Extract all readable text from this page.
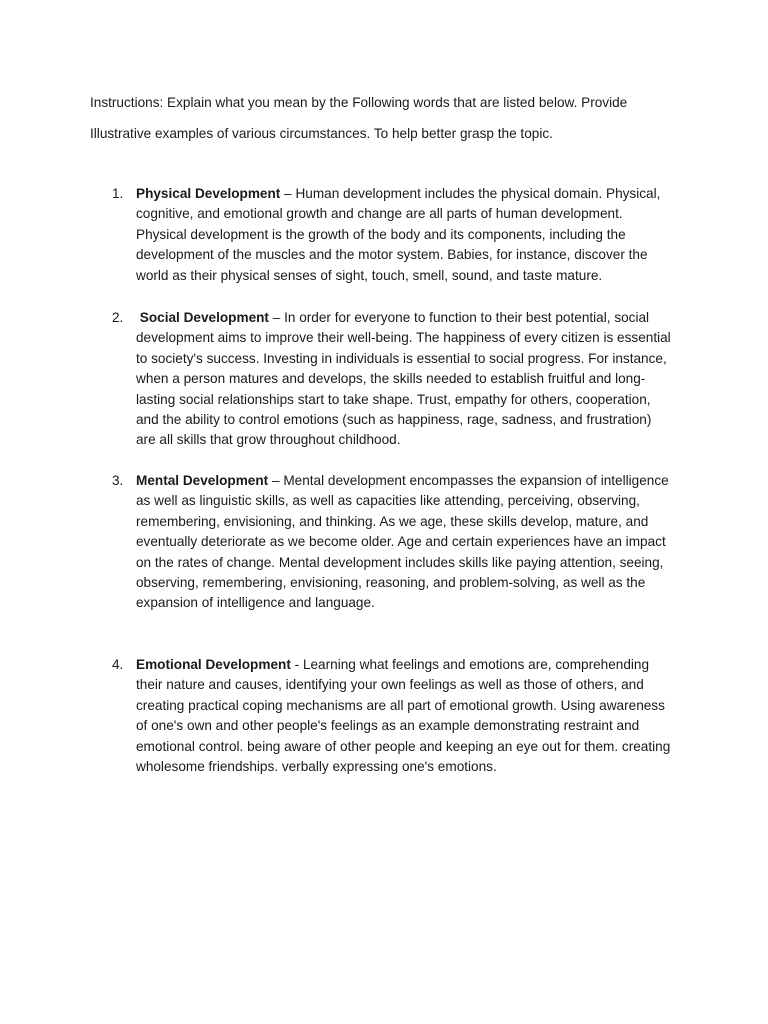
Instructions: Explain what you mean by the Following words that are listed below. Provide
Illustrative examples of various circumstances. To help better grasp the topic.
1. Physical Development – Human development includes the physical domain. Physical, cognitive, and emotional growth and change are all parts of human development. Physical development is the growth of the body and its components, including the development of the muscles and the motor system. Babies, for instance, discover the world as their physical senses of sight, touch, smell, sound, and taste mature.
2. Social Development – In order for everyone to function to their best potential, social development aims to improve their well-being. The happiness of every citizen is essential to society's success. Investing in individuals is essential to social progress. For instance, when a person matures and develops, the skills needed to establish fruitful and long-lasting social relationships start to take shape. Trust, empathy for others, cooperation, and the ability to control emotions (such as happiness, rage, sadness, and frustration) are all skills that grow throughout childhood.
3. Mental Development – Mental development encompasses the expansion of intelligence as well as linguistic skills, as well as capacities like attending, perceiving, observing, remembering, envisioning, and thinking. As we age, these skills develop, mature, and eventually deteriorate as we become older. Age and certain experiences have an impact on the rates of change. Mental development includes skills like paying attention, seeing, observing, remembering, envisioning, reasoning, and problem-solving, as well as the expansion of intelligence and language.
4. Emotional Development - Learning what feelings and emotions are, comprehending their nature and causes, identifying your own feelings as well as those of others, and creating practical coping mechanisms are all part of emotional growth. Using awareness of one's own and other people's feelings as an example demonstrating restraint and emotional control. being aware of other people and keeping an eye out for them. creating wholesome friendships. verbally expressing one's emotions.
